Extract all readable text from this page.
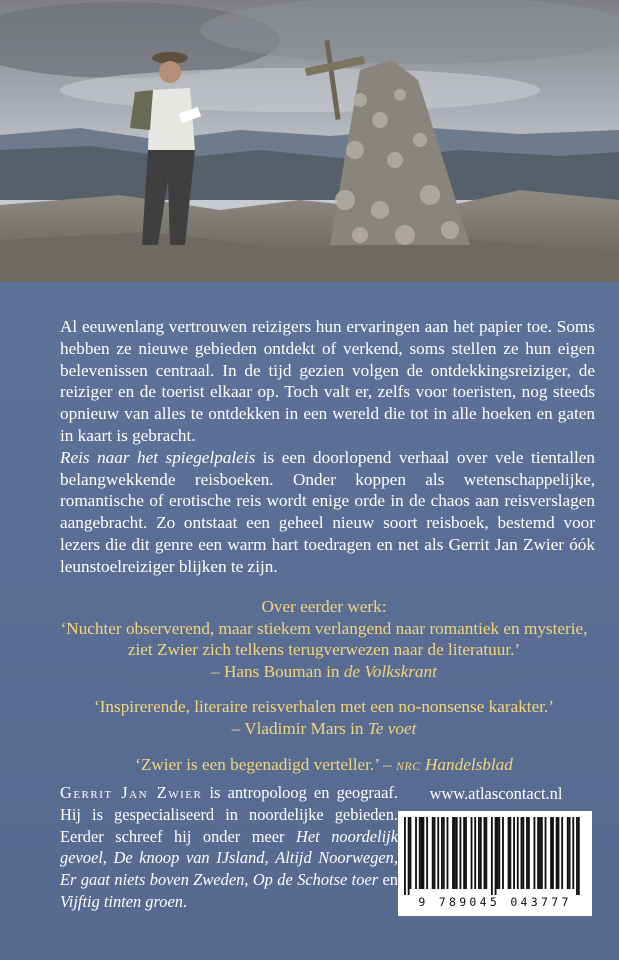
Al eeuwenlang vertrouwen reizigers hun ervaringen aan het papier toe. Soms hebben ze nieuwe gebieden ontdekt of verkend, soms stellen ze hun eigen belevenissen centraal. In de tijd gezien volgen de ontdekkingsreiziger, de reiziger en de toerist elkaar op. Toch valt er, zelfs voor toeristen, nog steeds opnieuw van alles te ontdekken in een wereld die tot in alle hoeken en gaten in kaart is gebracht.

Reis naar het spiegelpaleis is een doorlopend verhaal over vele tientallen belangwekkende reisboeken. Onder koppen als wetenschappelijke, romantische of erotische reis wordt enige orde in de chaos aan reisverslagen aangebracht. Zo ontstaat een geheel nieuw soort reisboek, bestemd voor lezers die dit genre een warm hart toedragen en net als Gerrit Jan Zwier óók leunstoelreiziger blijken te zijn.

Over eerder werk:

‘Nuchter observerend, maar stiekem verlangend naar romantiek en mysterie, ziet Zwier zich telkens terugverwezen naar de literatuur.’

– Hans Bouman in de Volkskrant

‘Inspirerende, literaire reisverhalen met een no-nonsense karakter.’

– Vladimir Mars in Te voet

‘Zwier is een begenadigd verteller.’ – nrc Handelsblad

Gerrit Jan Zwier is antropoloog en geograaf. Hij is gespecialiseerd in noordelijke gebieden. Eerder schreef hij onder meer Het noordelijk gevoel, De knoop van IJsland, Altijd Noorwegen, Er gaat niets boven Zweden, Op de Schotse toer en Vijftig tinten groen.
www.atlascontact.nl
9 789045 043777
